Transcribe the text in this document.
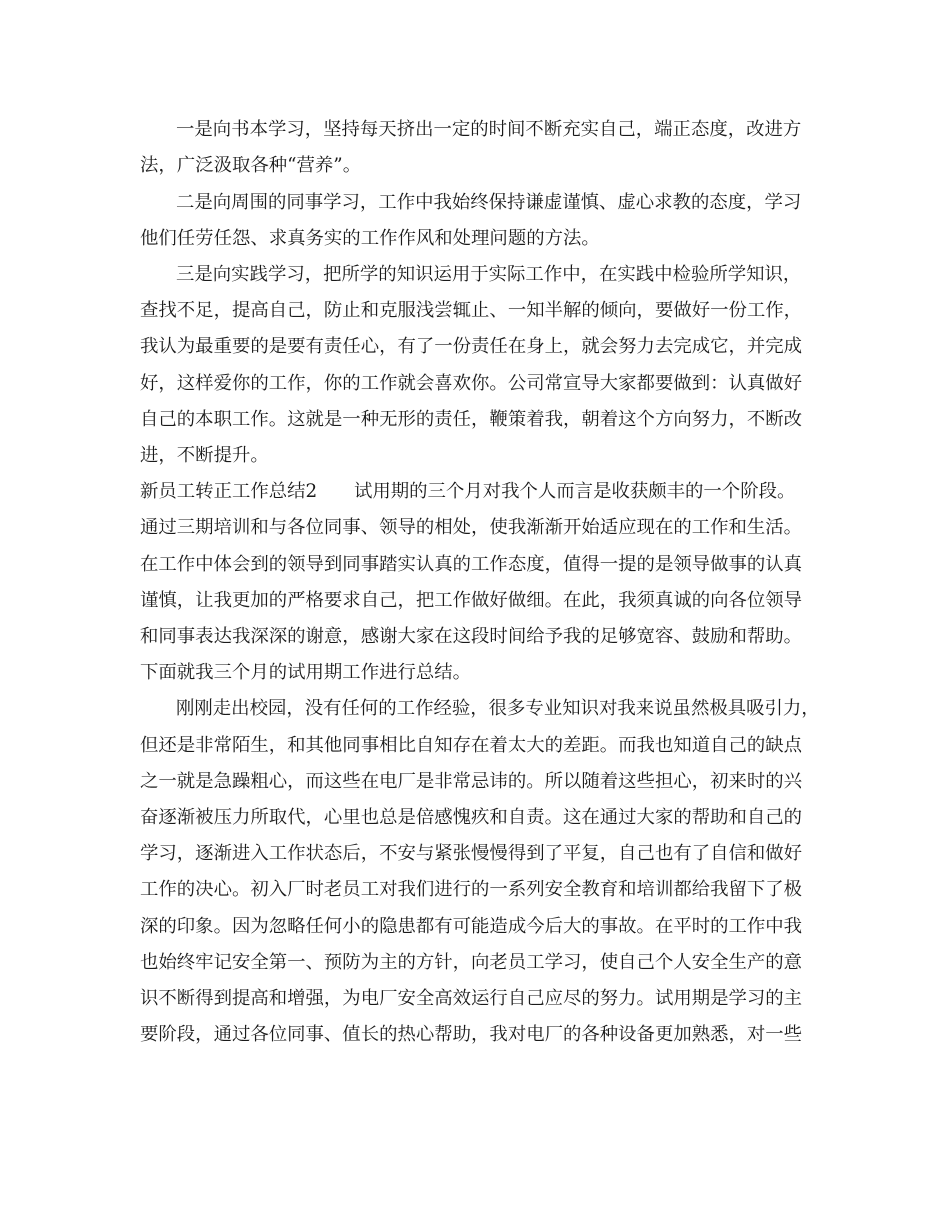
一是向书本学习，坚持每天挤出一定的时间不断充实自己，端正态度，改进方
法，广泛汲取各种“营养”。
二是向周围的同事学习，工作中我始终保持谦虚谨慎、虚心求教的态度，学习
他们任劳任怨、求真务实的工作作风和处理问题的方法。
三是向实践学习，把所学的知识运用于实际工作中，在实践中检验所学知识，
查找不足，提高自己，防止和克服浅尝辄止、一知半解的倾向，要做好一份工作，
我认为最重要的是要有责任心，有了一份责任在身上，就会努力去完成它，并完成
好，这样爱你的工作，你的工作就会喜欢你。公司常宣导大家都要做到：认真做好
自己的本职工作。这就是一种无形的责任，鞭策着我，朝着这个方向努力，不断改
进，不断提升。
新员工转正工作总结2　　试用期的三个月对我个人而言是收获颇丰的一个阶段。
通过三期培训和与各位同事、领导的相处，使我渐渐开始适应现在的工作和生活。
在工作中体会到的领导到同事踏实认真的工作态度，值得一提的是领导做事的认真
谨慎，让我更加的严格要求自己，把工作做好做细。在此，我须真诚的向各位领导
和同事表达我深深的谢意，感谢大家在这段时间给予我的足够宽容、鼓励和帮助。
下面就我三个月的试用期工作进行总结。
刚刚走出校园，没有任何的工作经验，很多专业知识对我来说虽然极具吸引力，
但还是非常陌生，和其他同事相比自知存在着太大的差距。而我也知道自己的缺点
之一就是急躁粗心，而这些在电厂是非常忌讳的。所以随着这些担心，初来时的兴
奋逐渐被压力所取代，心里也总是倍感愧疚和自责。这在通过大家的帮助和自己的
学习，逐渐进入工作状态后，不安与紧张慢慢得到了平复，自己也有了自信和做好
工作的决心。初入厂时老员工对我们进行的一系列安全教育和培训都给我留下了极
深的印象。因为忽略任何小的隐患都有可能造成今后大的事故。在平时的工作中我
也始终牢记安全第一、预防为主的方针，向老员工学习，使自己个人安全生产的意
识不断得到提高和增强，为电厂安全高效运行自己应尽的努力。试用期是学习的主
要阶段，通过各位同事、值长的热心帮助，我对电厂的各种设备更加熟悉，对一些
